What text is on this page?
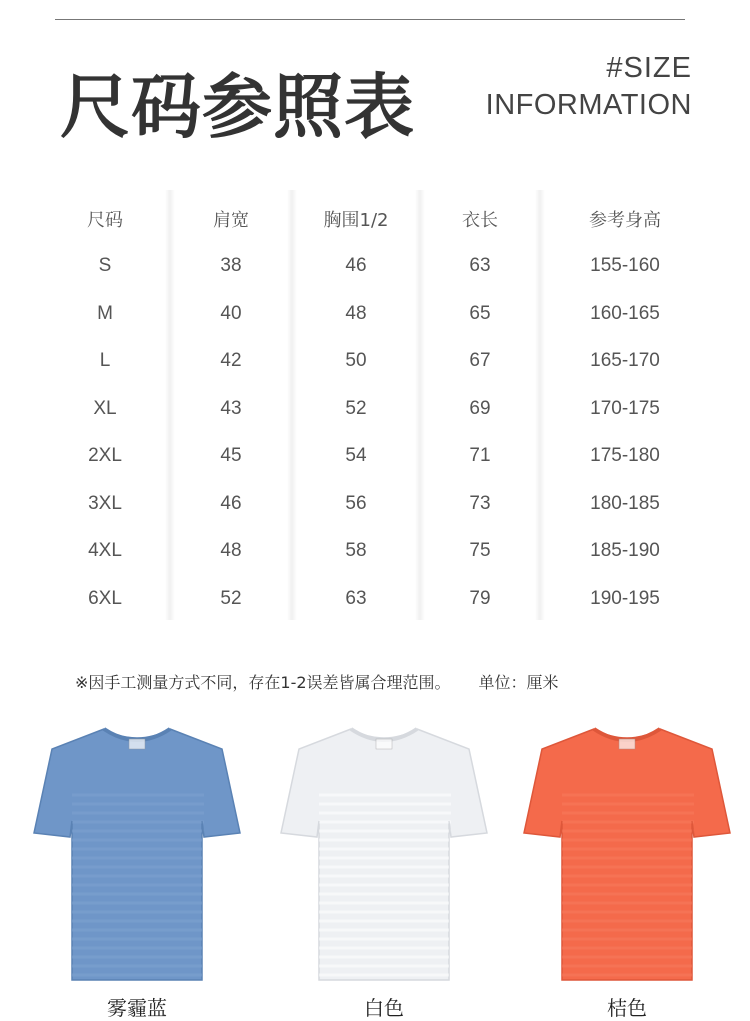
尺码参照表	#SIZE
INFORMATION
尺码	肩宽	胸围1/2	衣长	参考身高
S	38	46	63	155-160
M	40	48	65	160-165
L	42	50	67	165-170
XL	43	52	69	170-175
2XL	45	54	71	175-180
3XL	46	56	73	180-185
4XL	48	58	75	185-190
6XL	52	63	79	190-195
※因手工测量方式不同，存在1-2误差皆属合理范围。 单位：厘米
雾霾蓝	白色	桔色
